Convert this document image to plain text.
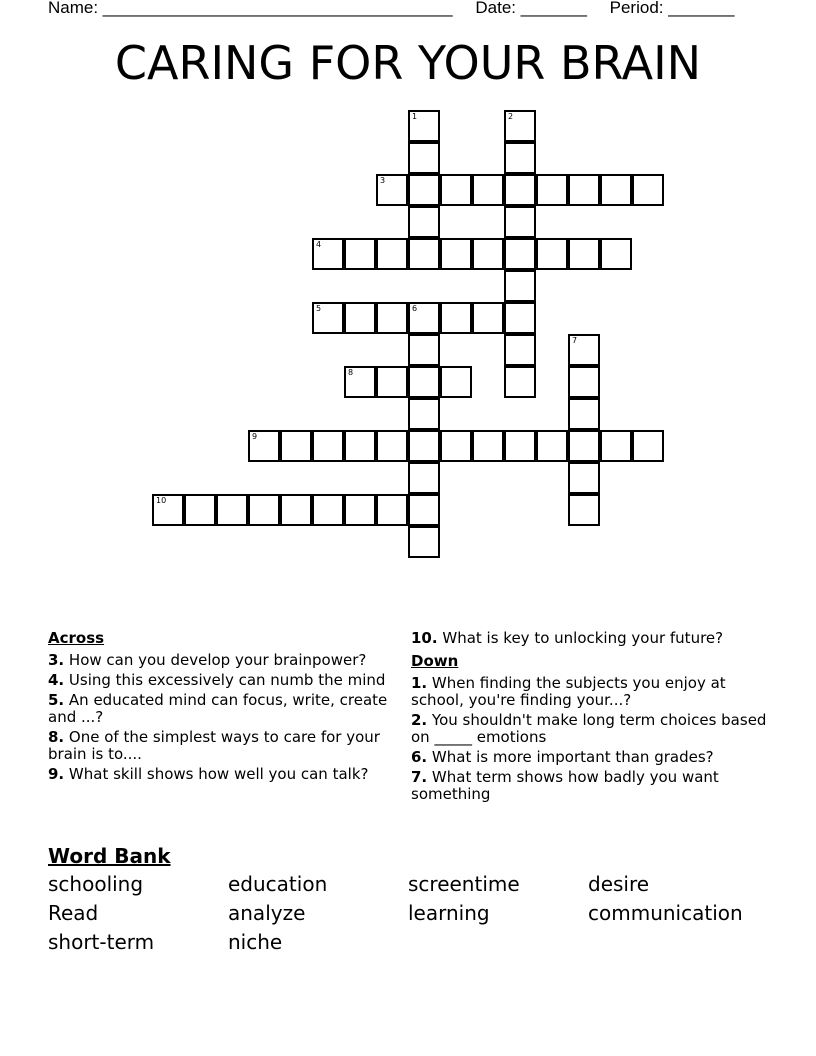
Name: _____________________________________ Date: _______ Period: _______
CARING FOR YOUR BRAIN
3
4
5	6
8
9
10
1	2
7
Across
3. How can you develop your brainpower?
4. Using this excessively can numb the mind
5. An educated mind can focus, write, create and ...?
8. One of the simplest ways to care for your brain is to....
9. What skill shows how well you can talk?
10. What is key to unlocking your future?
Down
1. When finding the subjects you enjoy at school, you're finding your...?
2. You shouldn't make long term choices based on _____ emotions
6. What is more important than grades?
7. What term shows how badly you want something
Word Bank
schooling	education	screentime	desire
Read	analyze	learning	communication
short-term	niche
